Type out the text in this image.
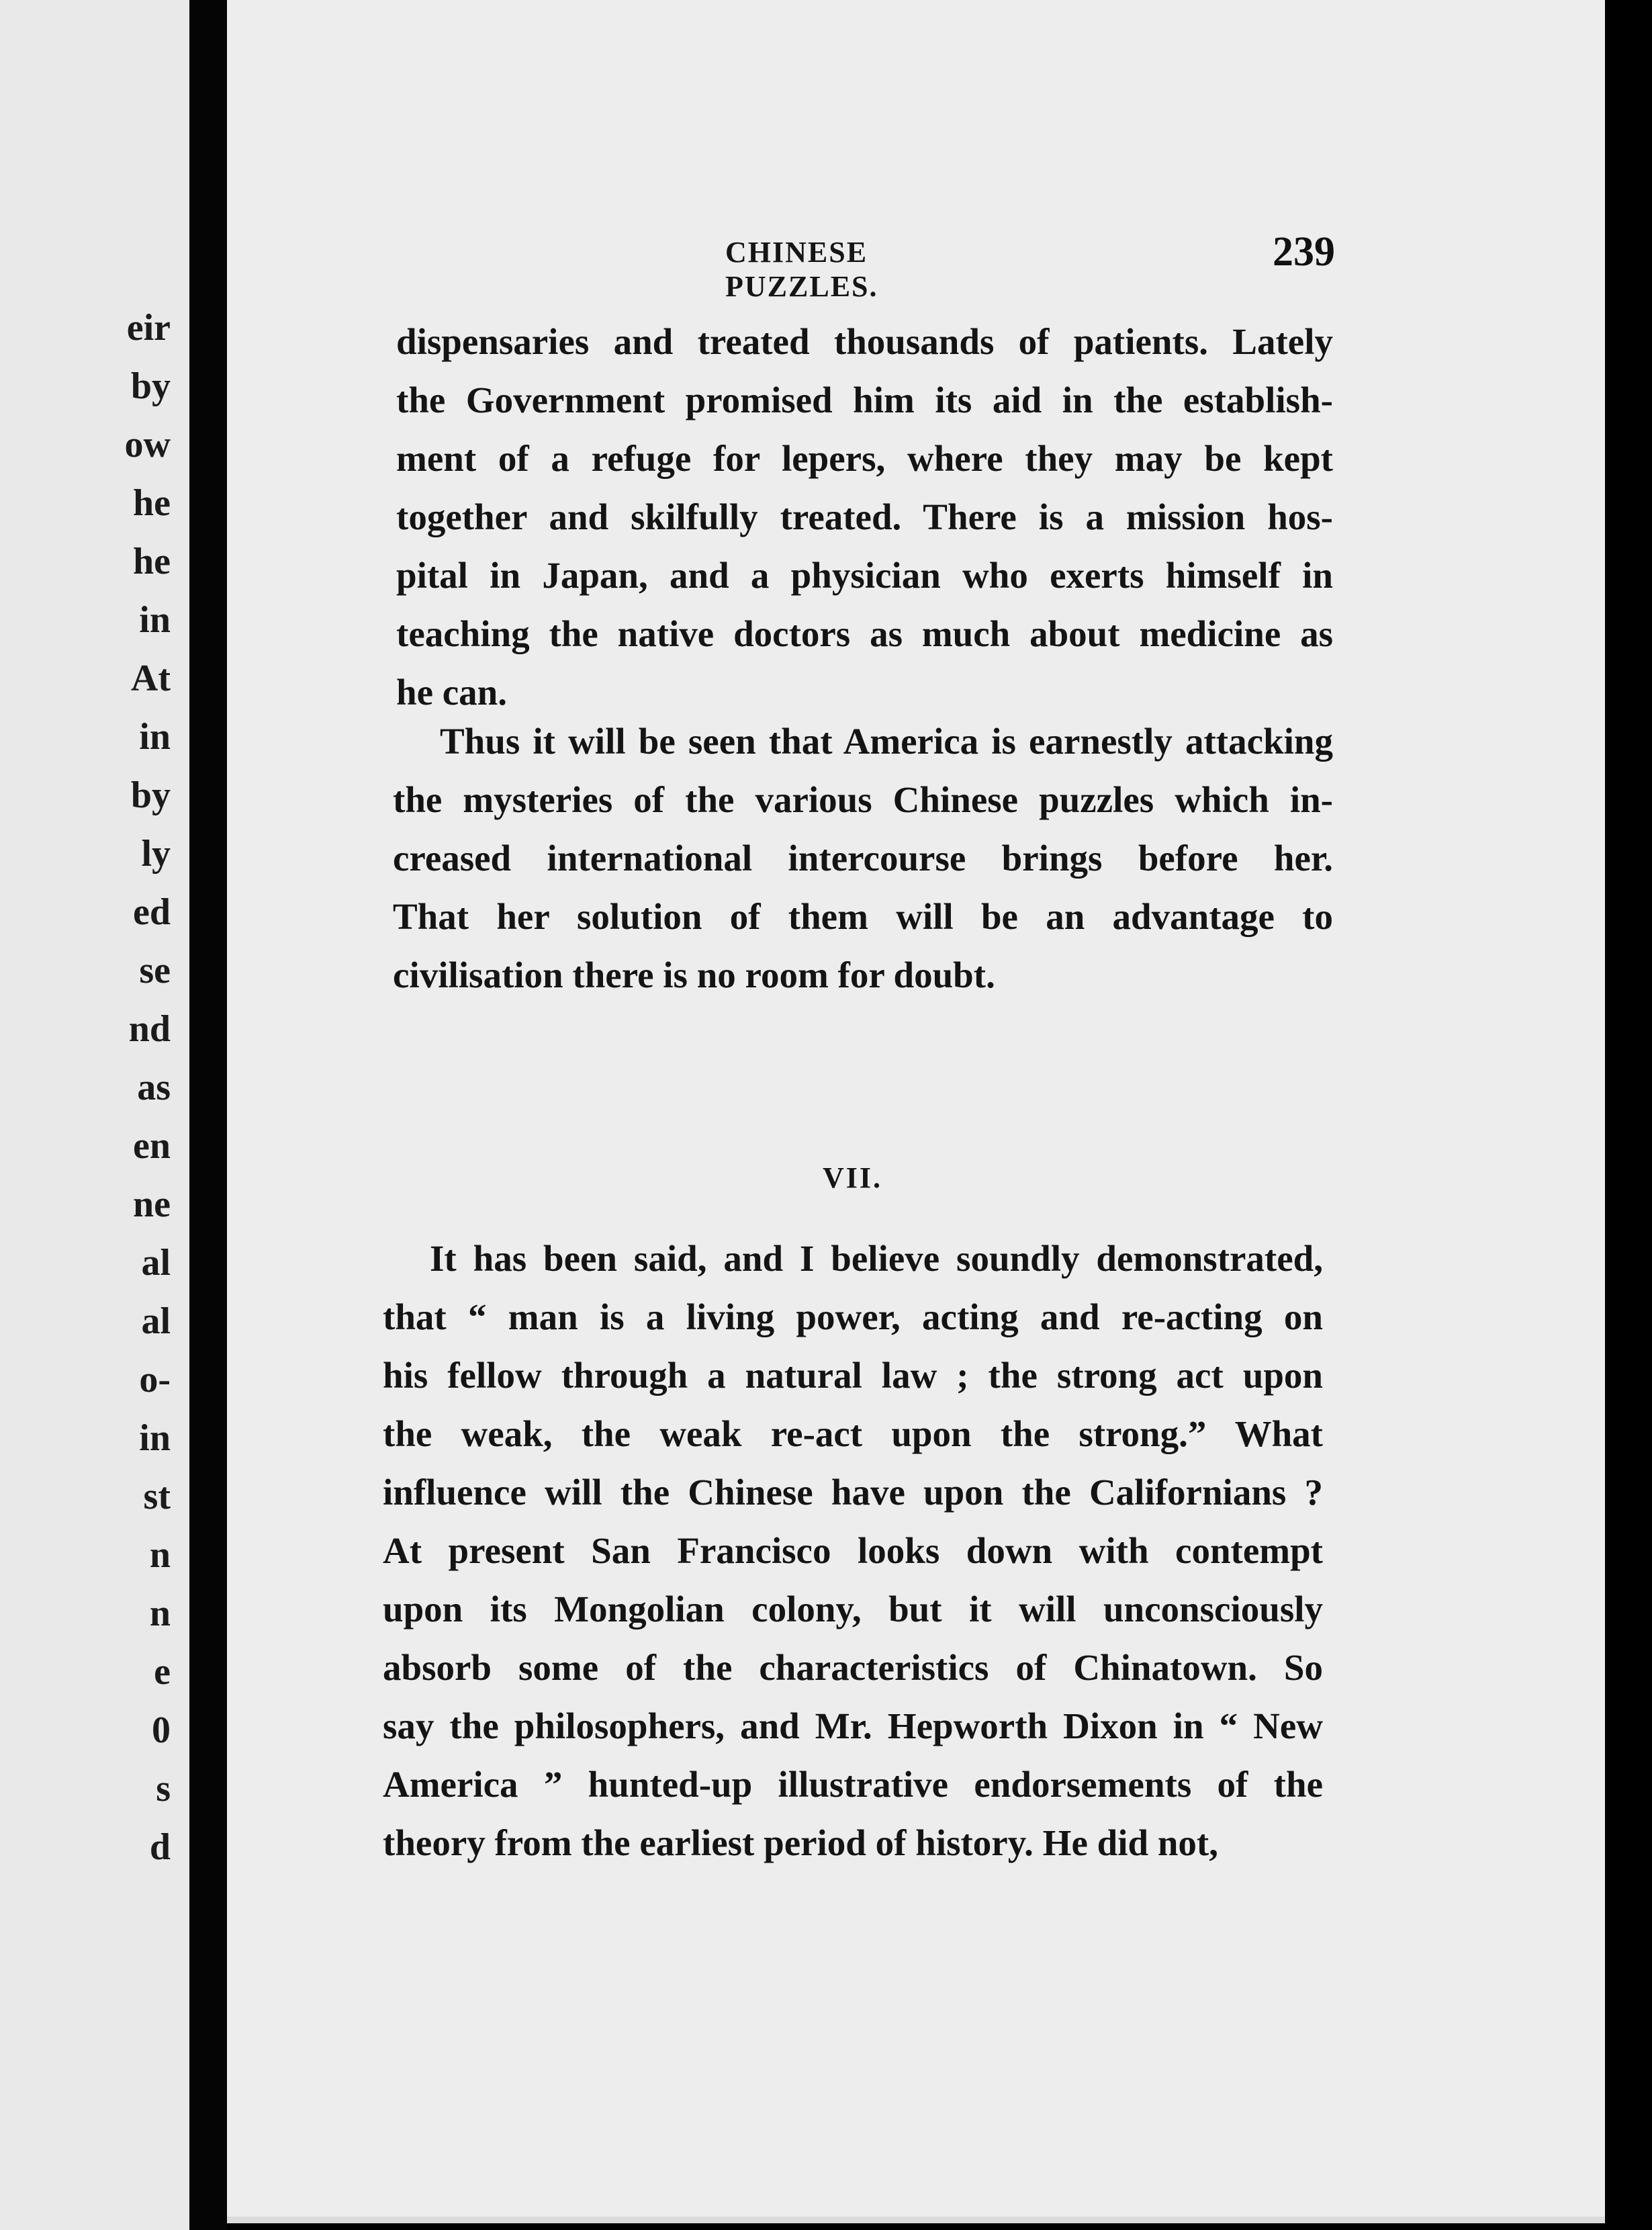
eir
by
ow
he
he
in
At
in
by
ly
ed
se
nd
as
en
ne
al
al
o-
in
st
n
n
e
0
s
d
CHINESE PUZZLES.
239
dispensaries and treated thousands of patients. Lately
the Government promised him its aid in the establish-
ment of a refuge for lepers, where they may be kept
together and skilfully treated. There is a mission hos-
pital in Japan, and a physician who exerts himself in
teaching the native doctors as much about medicine as
he can.
Thus it will be seen that America is earnestly attacking
the mysteries of the various Chinese puzzles which in-
creased international intercourse brings before her.
That her solution of them will be an advantage to
civilisation there is no room for doubt.
VII.
It has been said, and I believe soundly demonstrated,
that “ man is a living power, acting and re-acting on
his fellow through a natural law ; the strong act upon
the weak, the weak re-act upon the strong.” What
influence will the Chinese have upon the Californians ?
At present San Francisco looks down with contempt
upon its Mongolian colony, but it will unconsciously
absorb some of the characteristics of Chinatown. So
say the philosophers, and Mr. Hepworth Dixon in “ New
America ” hunted-up illustrative endorsements of the
theory from the earliest period of history. He did not,
